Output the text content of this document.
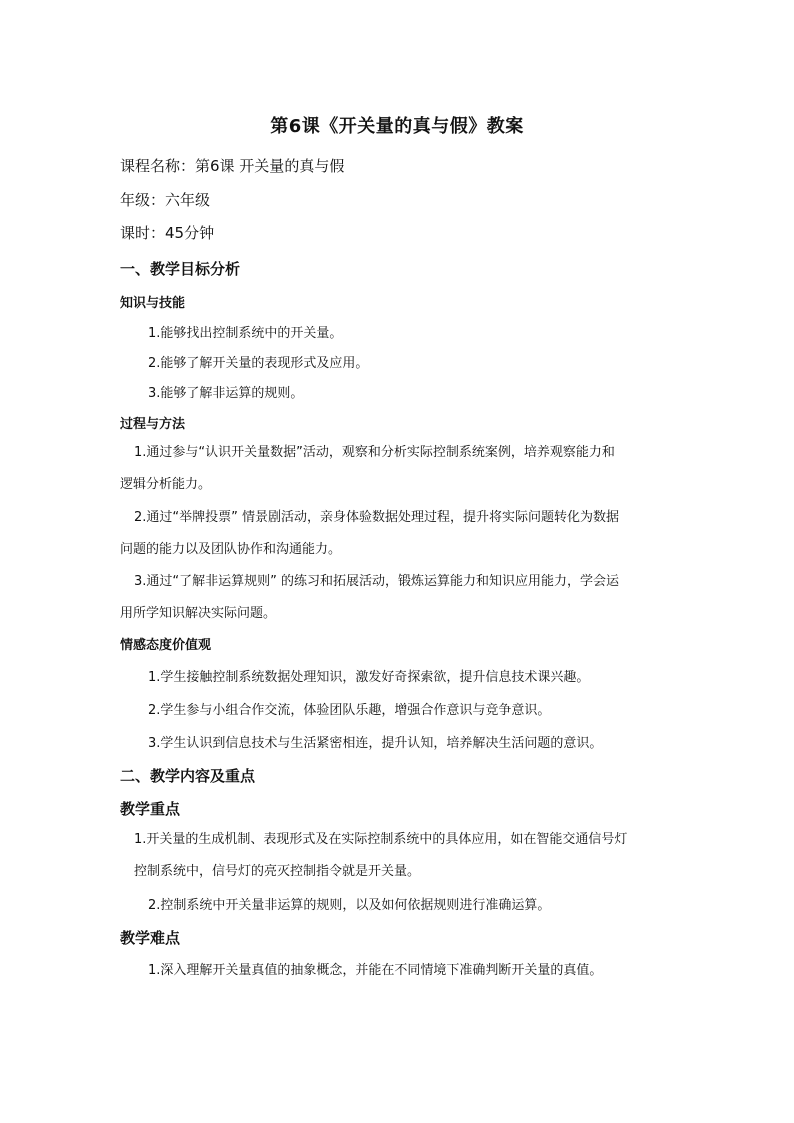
第6课《开关量的真与假》教案
课程名称：第6课 开关量的真与假
年级：六年级
课时：45分钟
一、教学目标分析
知识与技能
1.能够找出控制系统中的开关量。
2.能够了解开关量的表现形式及应用。
3.能够了解非运算的规则。
过程与方法
1.通过参与“认识开关量数据”活动，观察和分析实际控制系统案例，培养观察能力和
逻辑分析能力。
2.通过“举牌投票” 情景剧活动，亲身体验数据处理过程，提升将实际问题转化为数据
问题的能力以及团队协作和沟通能力。
3.通过“了解非运算规则” 的练习和拓展活动，锻炼运算能力和知识应用能力，学会运
用所学知识解决实际问题。
情感态度价值观
1.学生接触控制系统数据处理知识，激发好奇探索欲，提升信息技术课兴趣。
2.学生参与小组合作交流，体验团队乐趣，增强合作意识与竞争意识。
3.学生认识到信息技术与生活紧密相连，提升认知，培养解决生活问题的意识。
二、教学内容及重点
教学重点
1.开关量的生成机制、表现形式及在实际控制系统中的具体应用，如在智能交通信号灯
控制系统中，信号灯的亮灭控制指令就是开关量。
2.控制系统中开关量非运算的规则，以及如何依据规则进行准确运算。
教学难点
1.深入理解开关量真值的抽象概念，并能在不同情境下准确判断开关量的真值。
